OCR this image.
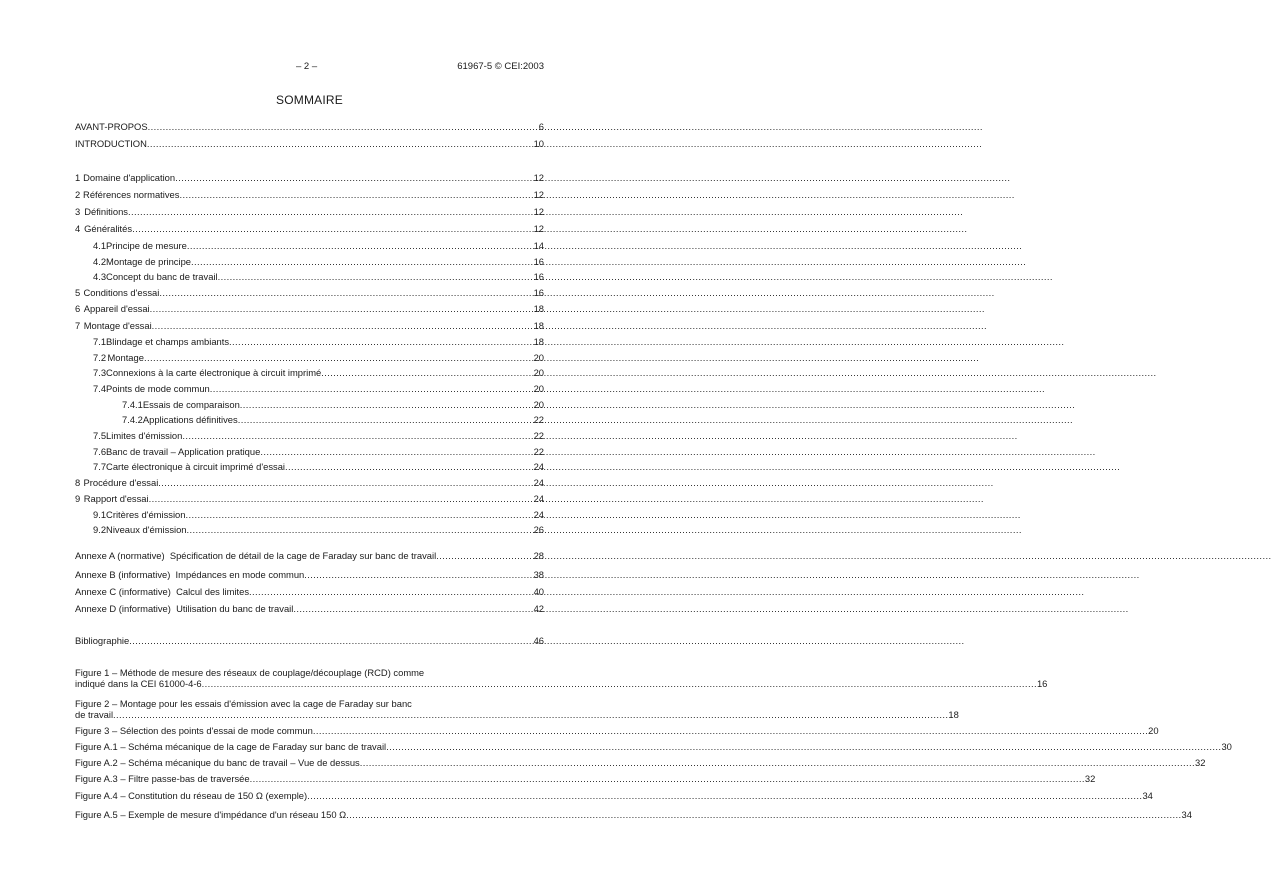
– 2 –	61967-5 © CEI:2003
SOMMAIRE
AVANT-PROPOS .....	6
INTRODUCTION .....	10
1 Domaine d'application .....	12
2 Références normatives .....	12
3 Définitions .....	12
4 Généralités .....	12
4.1 Principe de mesure .....	14
4.2 Montage de principe .....	16
4.3 Concept du banc de travail .....	16
5 Conditions d'essai .....	16
6 Appareil d'essai .....	18
7 Montage d'essai .....	18
7.1 Blindage et champs ambiants .....	18
7.2 Montage .....	20
7.3 Connexions à la carte électronique à circuit imprimé .....	20
7.4 Points de mode commun .....	20
7.4.1 Essais de comparaison .....	20
7.4.2 Applications définitives .....	22
7.5 Limites d'émission .....	22
7.6 Banc de travail – Application pratique .....	22
7.7 Carte électronique à circuit imprimé d'essai .....	24
8 Procédure d'essai .....	24
9 Rapport d'essai .....	24
9.1 Critères d'émission .....	24
9.2 Niveaux d'émission .....	26
Annexe A (normative)  Spécification de détail de la cage de Faraday sur banc de travail .....	28
Annexe B (informative)  Impédances en mode commun .....	38
Annexe C (informative)  Calcul des limites .....	40
Annexe D (informative)  Utilisation du banc de travail .....	42
Bibliographie .....	46
Figure 1 – Méthode de mesure des réseaux de couplage/découplage (RCD) comme
indiqué dans la CEI 61000-4-6 .....	16
Figure 2 – Montage pour les essais d'émission avec la cage de Faraday sur banc
de travail .....	18
Figure 3 – Sélection des points d'essai de mode commun .....	20
Figure A.1 – Schéma mécanique de la cage de Faraday sur banc de travail .....	30
Figure A.2 – Schéma mécanique du banc de travail – Vue de dessus .....	32
Figure A.3 – Filtre passe-bas de traversée .....	32
Figure A.4 – Constitution du réseau de 150 Ω (exemple) .....	34
Figure A.5 – Exemple de mesure d'impédance d'un réseau 150 Ω .....	34
